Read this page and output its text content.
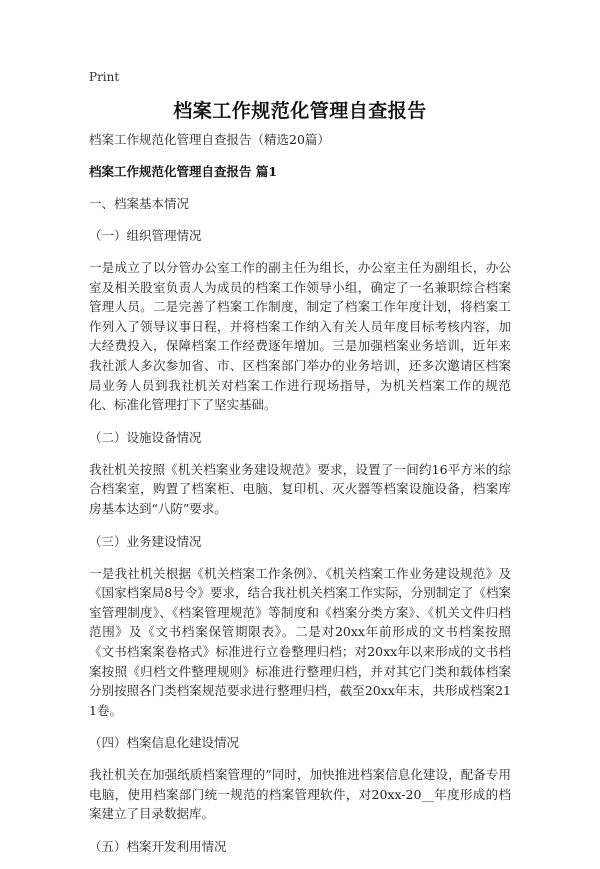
Print
档案工作规范化管理自查报告

档案工作规范化管理自查报告（精选20篇）

档案工作规范化管理自查报告 篇1

一、档案基本情况

（一）组织管理情况

一是成立了以分管办公室工作的副主任为组长，办公室主任为副组长，办公室及相关股室负责人为成员的档案工作领导小组，确定了一名兼职综合档案管理人员。二是完善了档案工作制度，制定了档案工作年度计划，将档案工作列入了领导议事日程，并将档案工作纳入有关人员年度目标考核内容，加大经费投入，保障档案工作经费逐年增加。三是加强档案业务培训，近年来我社派人多次参加省、市、区档案部门举办的业务培训，还多次邀请区档案局业务人员到我社机关对档案工作进行现场指导，为机关档案工作的规范化、标准化管理打下了坚实基础。

（二）设施设备情况

我社机关按照《机关档案业务建设规范》要求，设置了一间约16平方米的综合档案室，购置了档案柜、电脑、复印机、灭火器等档案设施设备，档案库房基本达到“八防”要求。

（三）业务建设情况

一是我社机关根据《机关档案工作条例》、《机关档案工作业务建设规范》及《国家档案局8号令》要求，结合我社机关档案工作实际，分别制定了《档案室管理制度》、《档案管理规范》等制度和《档案分类方案》、《机关文件归档范围》及《文书档案保管期限表》。二是对20xx年前形成的文书档案按照《文书档案案卷格式》标准进行立卷整理归档；对20xx年以来形成的文书档案按照《归档文件整理规则》标准进行整理归档，并对其它门类和载体档案分别按照各门类档案规范要求进行整理归档，截至20xx年末，共形成档案211卷。

（四）档案信息化建设情况

我社机关在加强纸质档案管理的”同时，加快推进档案信息化建设，配备专用电脑，使用档案部门统一规范的档案管理软件，对20xx-20__年度形成的档案建立了目录数据库。

（五）档案开发利用情况
